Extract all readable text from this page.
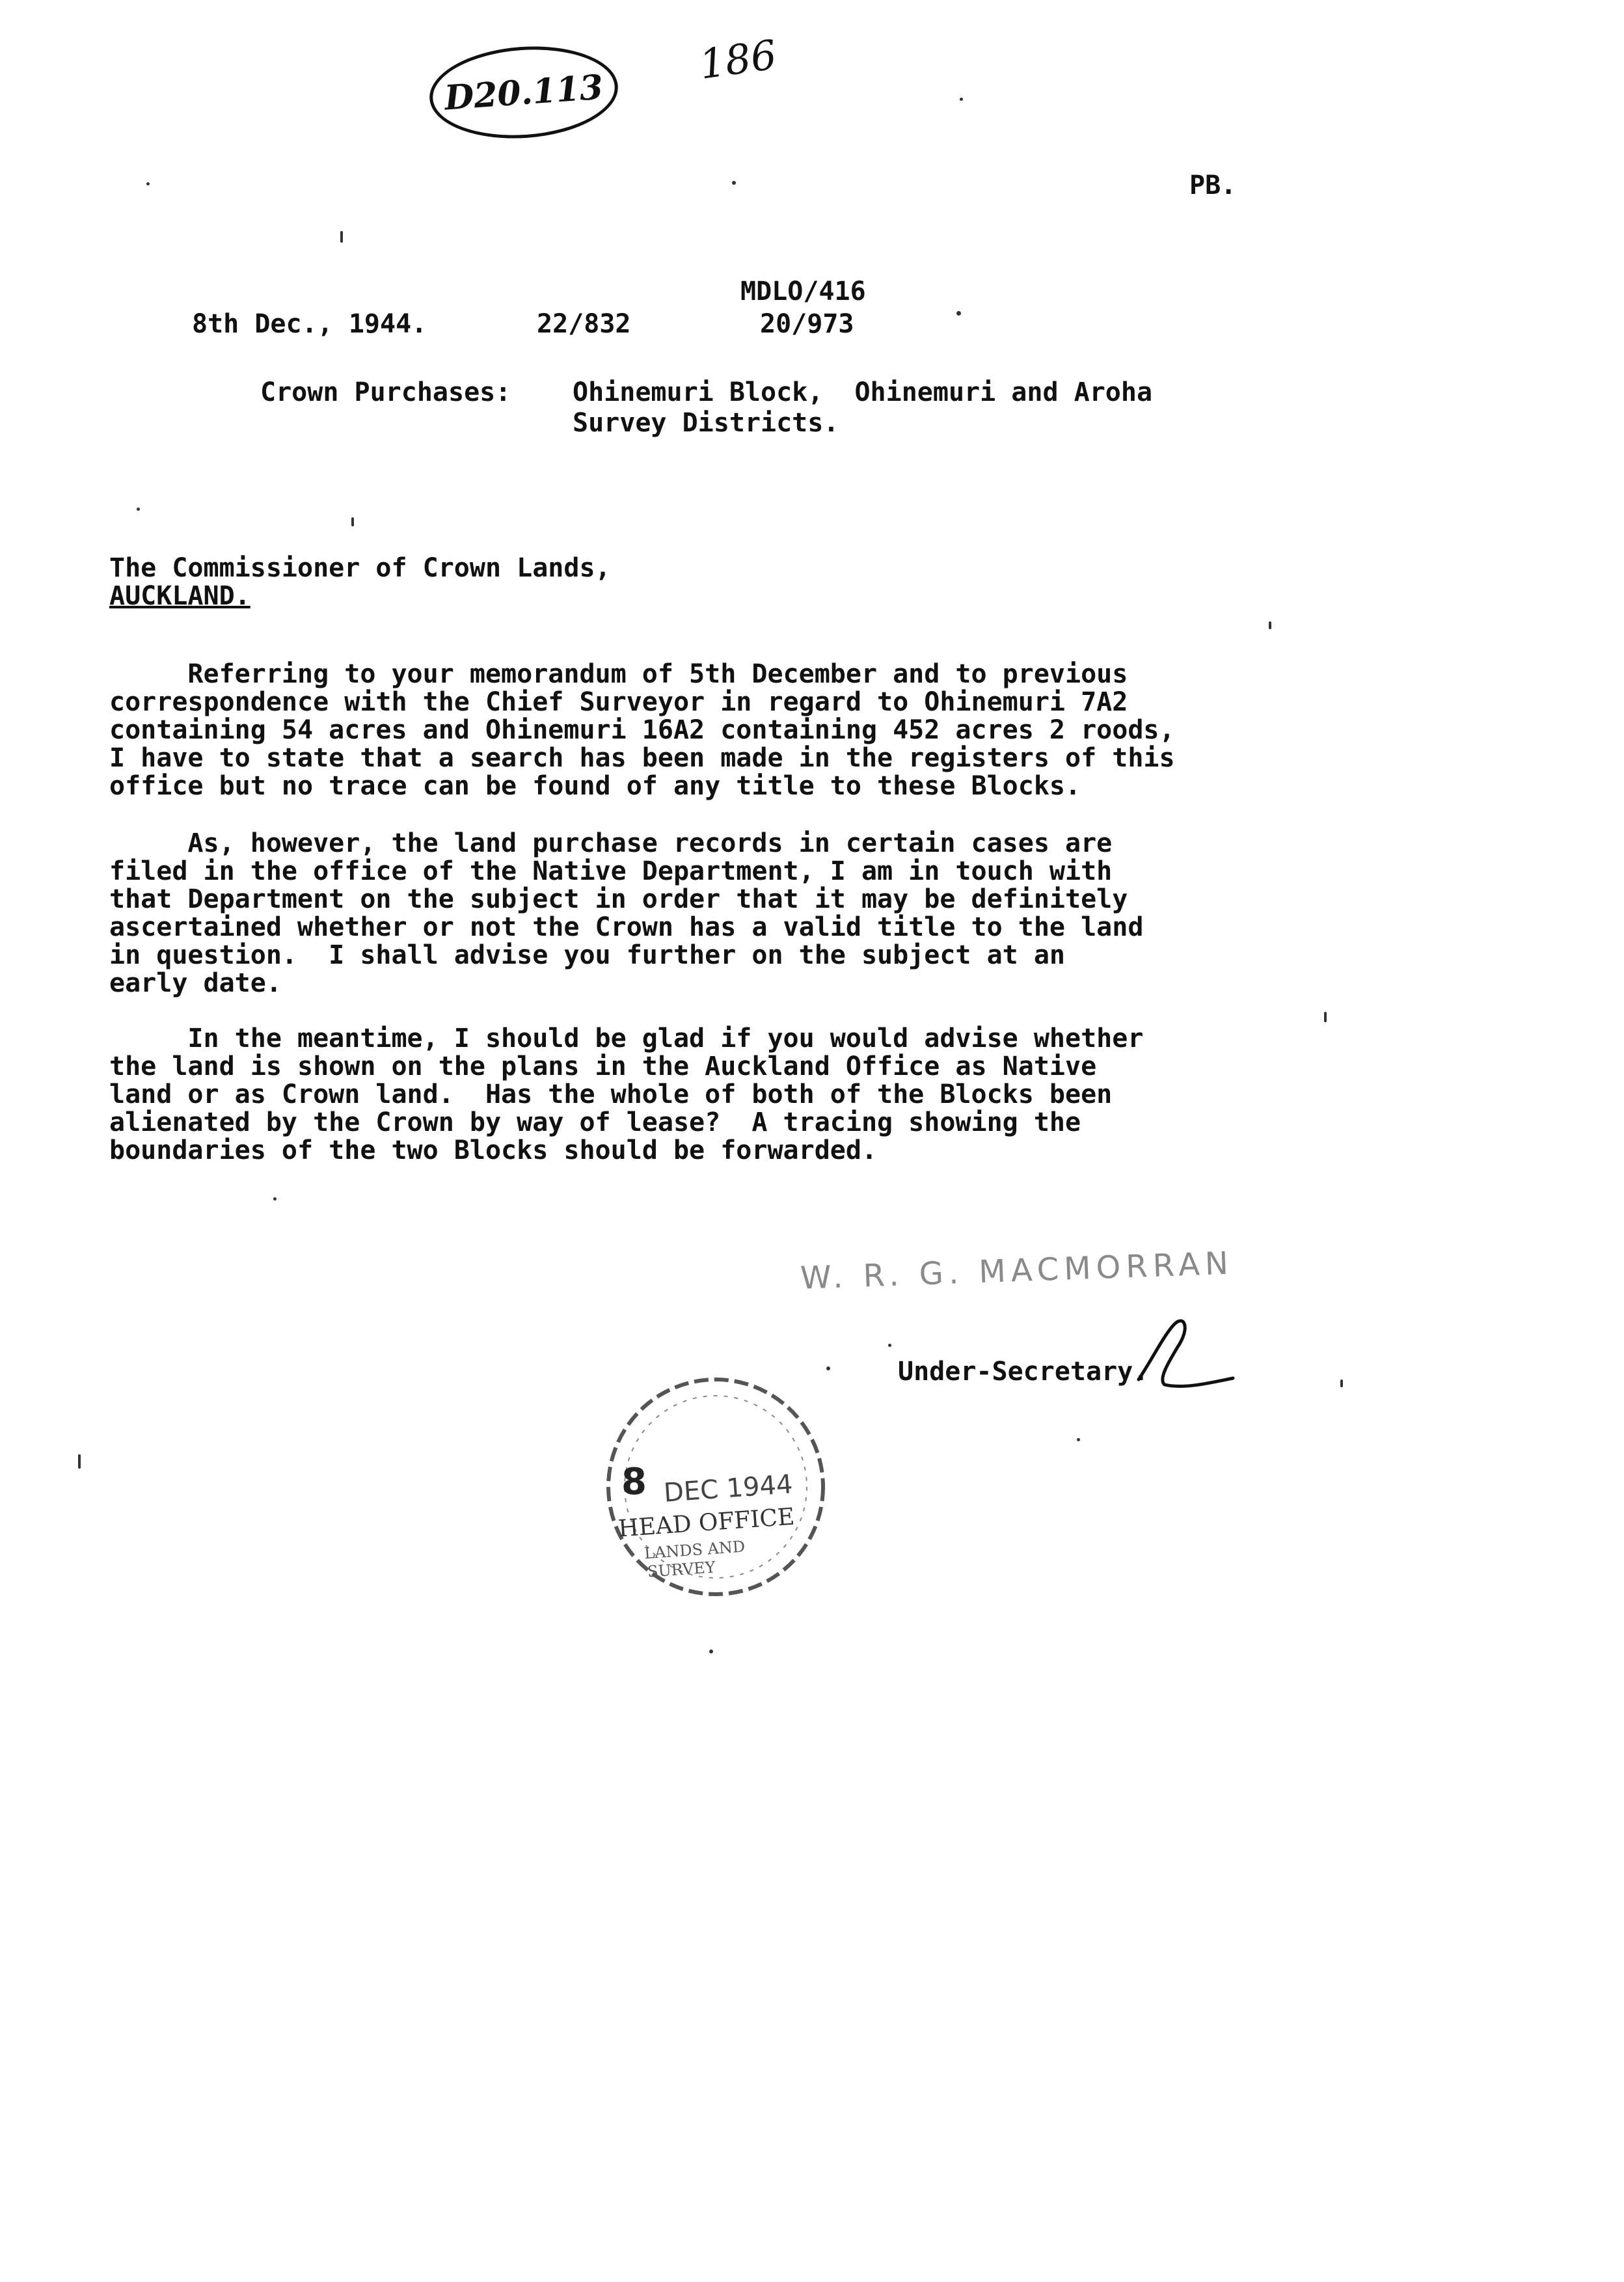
D20.113
186
PB.
MDLO/416
8th Dec., 1944.	22/832	20/973
Crown Purchases: Ohinemuri Block,  Ohinemuri and Aroha
Survey Districts.
The Commissioner of Crown Lands,
AUCKLAND.
Referring to your memorandum of 5th December and to previous
correspondence with the Chief Surveyor in regard to Ohinemuri 7A2
containing 54 acres and Ohinemuri 16A2 containing 452 acres 2 roods,
I have to state that a search has been made in the registers of this
office but no trace can be found of any title to these Blocks.
As, however, the land purchase records in certain cases are
filed in the office of the Native Department, I am in touch with
that Department on the subject in order that it may be definitely
ascertained whether or not the Crown has a valid title to the land
in question.  I shall advise you further on the subject at an
early date.
In the meantime, I should be glad if you would advise whether
the land is shown on the plans in the Auckland Office as Native
land or as Crown land.  Has the whole of both of the Blocks been
alienated by the Crown by way of lease?  A tracing showing the
boundaries of the two Blocks should be forwarded.
W. R. G. MACMORRAN
Under-Secretary.
8 DEC 1944
HEAD OFFICE
LANDS AND
SURVEY
